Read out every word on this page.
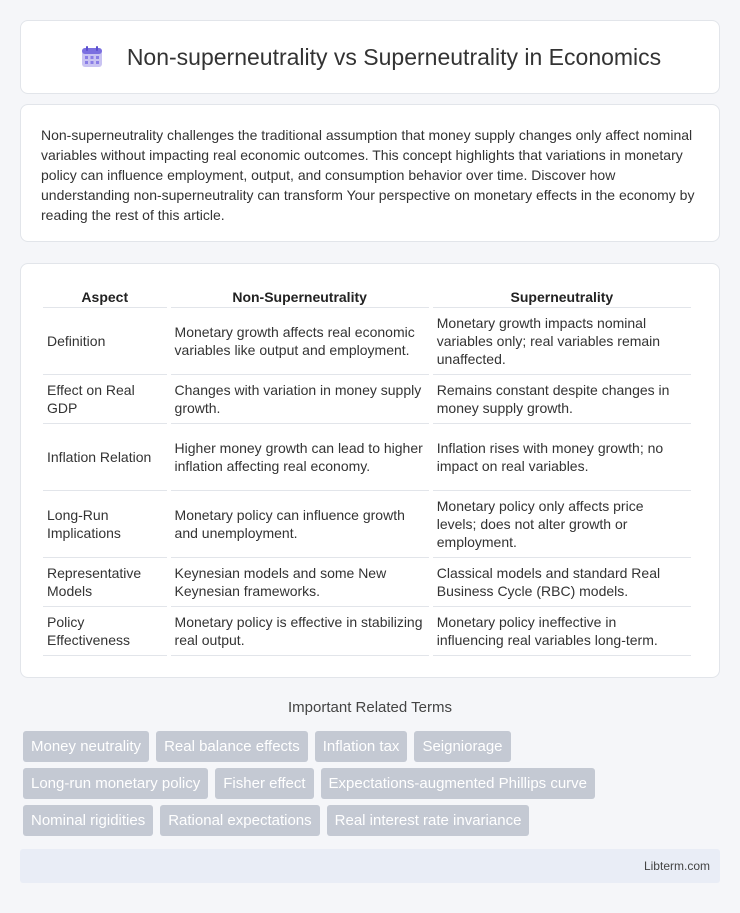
Non-superneutrality vs Superneutrality in Economics

Non-superneutrality challenges the traditional assumption that money supply changes only affect nominal variables without impacting real economic outcomes. This concept highlights that variations in monetary policy can influence employment, output, and consumption behavior over time. Discover how understanding non-superneutrality can transform Your perspective on monetary effects in the economy by reading the rest of this article.

Aspect	Non-Superneutrality	Superneutrality
Definition	Monetary growth affects real economic variables like output and employment.	Monetary growth impacts nominal variables only; real variables remain unaffected.
Effect on Real GDP	Changes with variation in money supply growth.	Remains constant despite changes in money supply growth.
Inflation Relation	Higher money growth can lead to higher inflation affecting real economy.	Inflation rises with money growth; no impact on real variables.
Long-Run Implications	Monetary policy can influence growth and unemployment.	Monetary policy only affects price levels; does not alter growth or employment.
Representative Models	Keynesian models and some New Keynesian frameworks.	Classical models and standard Real Business Cycle (RBC) models.
Policy Effectiveness	Monetary policy is effective in stabilizing real output.	Monetary policy ineffective in influencing real variables long-term.
Important Related Terms
Money neutrality	Real balance effects	Inflation tax	Seigniorage
Long-run monetary policy	Fisher effect	Expectations-augmented Phillips curve
Nominal rigidities	Rational expectations	Real interest rate invariance
Libterm.com
